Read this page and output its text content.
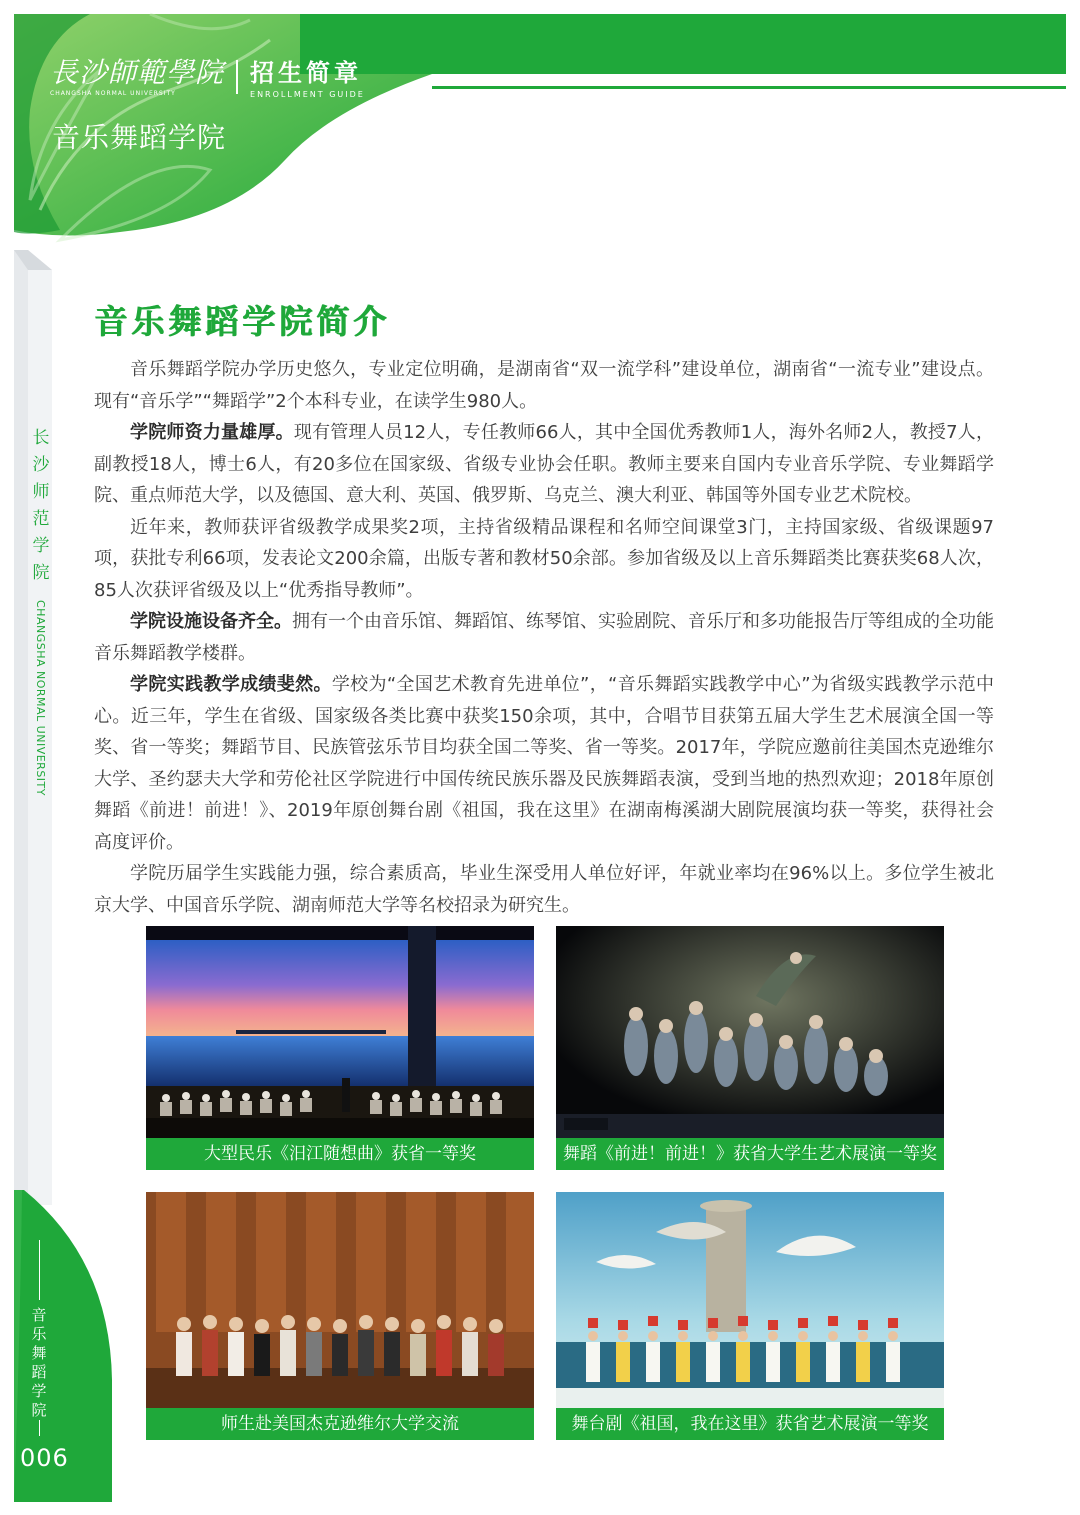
長沙師範學院
CHANGSHA NORMAL UNIVERSITY
招生简章
ENROLLMENT GUIDE
音乐舞蹈学院
长
沙
师
范
学
院
CHANGSHA NORMAL UNIVERSITY
音
乐
舞
蹈
学
院
006
音乐舞蹈学院简介

音乐舞蹈学院办学历史悠久，专业定位明确，是湖南省“双一流学科”建设单位，湖南省“一流专业”建设点。现有“音乐学”“舞蹈学”2个本科专业，在读学生980人。

学院师资力量雄厚。现有管理人员12人，专任教师66人，其中全国优秀教师1人，海外名师2人，教授7人，副教授18人，博士6人，有20多位在国家级、省级专业协会任职。教师主要来自国内专业音乐学院、专业舞蹈学院、重点师范大学，以及德国、意大利、英国、俄罗斯、乌克兰、澳大利亚、韩国等外国专业艺术院校。

近年来，教师获评省级教学成果奖2项，主持省级精品课程和名师空间课堂3门，主持国家级、省级课题97项，获批专利66项，发表论文200余篇，出版专著和教材50余部。参加省级及以上音乐舞蹈类比赛获奖68人次，85人次获评省级及以上“优秀指导教师”。

学院设施设备齐全。拥有一个由音乐馆、舞蹈馆、练琴馆、实验剧院、音乐厅和多功能报告厅等组成的全功能音乐舞蹈教学楼群。

学院实践教学成绩斐然。学校为“全国艺术教育先进单位”，“音乐舞蹈实践教学中心”为省级实践教学示范中心。近三年，学生在省级、国家级各类比赛中获奖150余项，其中，合唱节目获第五届大学生艺术展演全国一等奖、省一等奖；舞蹈节目、民族管弦乐节目均获全国二等奖、省一等奖。2017年，学院应邀前往美国杰克逊维尔大学、圣约瑟夫大学和劳伦社区学院进行中国传统民族乐器及民族舞蹈表演，受到当地的热烈欢迎；2018年原创舞蹈《前进！前进！》、2019年原创舞台剧《祖国，我在这里》在湖南梅溪湖大剧院展演均获一等奖，获得社会高度评价。

学院历届学生实践能力强，综合素质高，毕业生深受用人单位好评，年就业率均在96%以上。多位学生被北京大学、中国音乐学院、湖南师范大学等名校招录为研究生。

大型民乐《汨江随想曲》获省一等奖	舞蹈《前进！前进！》获省大学生艺术展演一等奖
师生赴美国杰克逊维尔大学交流	舞台剧《祖国，我在这里》获省艺术展演一等奖
